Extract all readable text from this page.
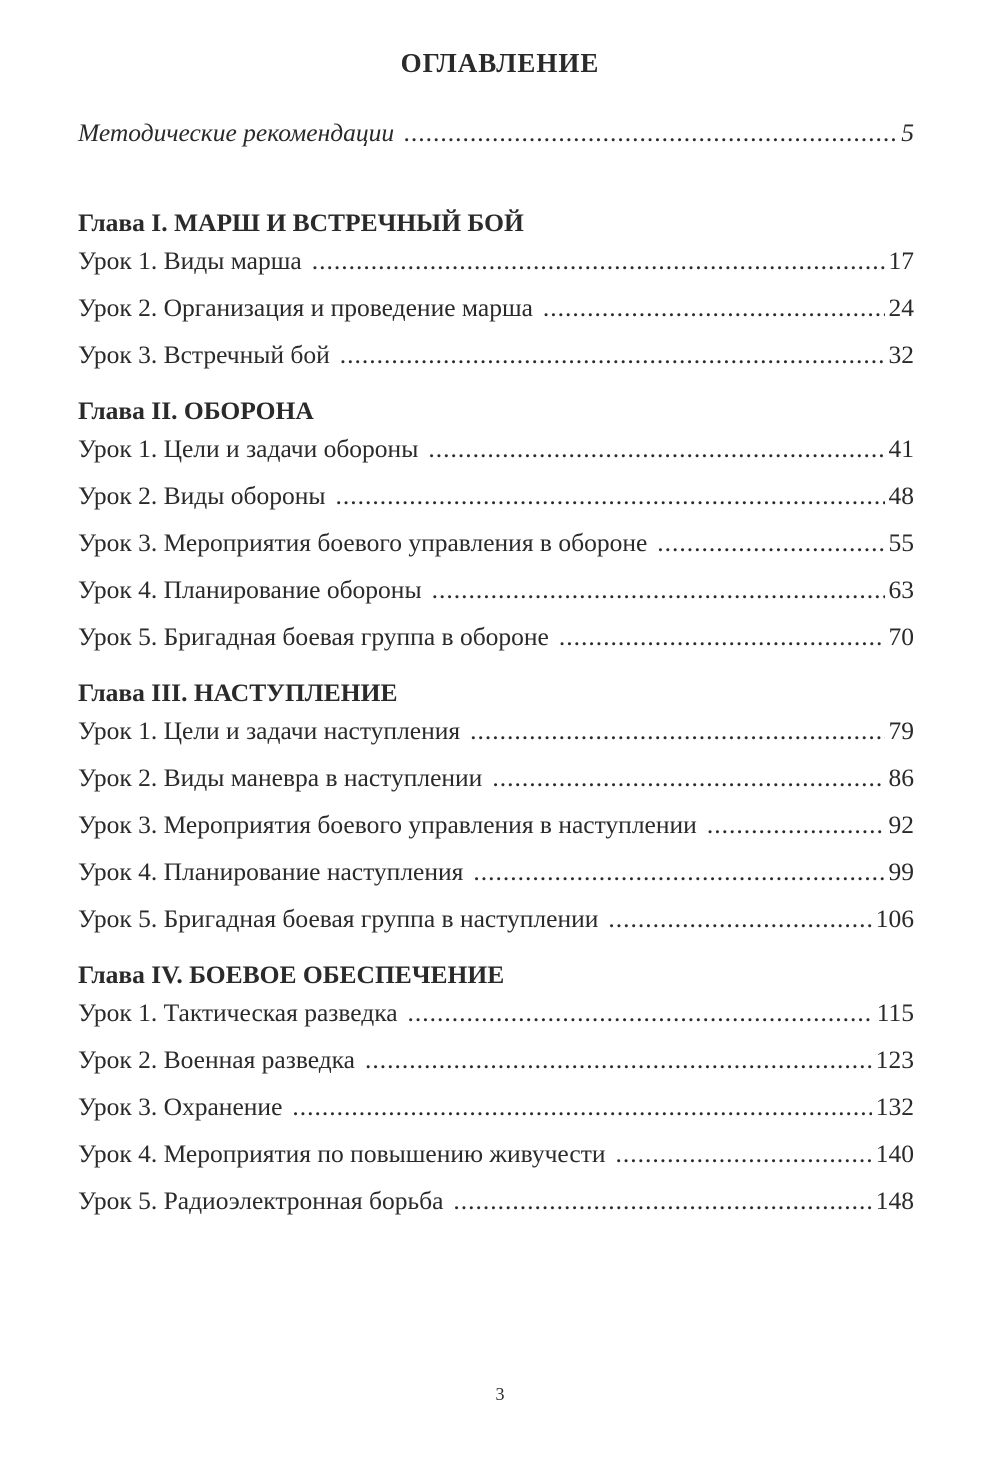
ОГЛАВЛЕНИЕ
Методические рекомендации .....	5
Глава I. МАРШ И ВСТРЕЧНЫЙ БОЙ
Урок 1. Виды марша .....	17
Урок 2. Организация и проведение марша .....	24
Урок 3. Встречный бой .....	32
Глава II. ОБОРОНА
Урок 1. Цели и задачи обороны .....	41
Урок 2. Виды обороны .....	48
Урок 3. Мероприятия боевого управления в обороне .....	55
Урок 4. Планирование обороны .....	63
Урок 5. Бригадная боевая группа в обороне .....	70
Глава III. НАСТУПЛЕНИЕ
Урок 1. Цели и задачи наступления .....	79
Урок 2. Виды маневра в наступлении .....	86
Урок 3. Мероприятия боевого управления в наступлении .....	92
Урок 4. Планирование наступления .....	99
Урок 5. Бригадная боевая группа в наступлении .....	106
Глава IV. БОЕВОЕ ОБЕСПЕЧЕНИЕ
Урок 1. Тактическая разведка .....	115
Урок 2. Военная разведка .....	123
Урок 3. Охранение .....	132
Урок 4. Мероприятия по повышению живучести .....	140
Урок 5. Радиоэлектронная борьба .....	148
3
